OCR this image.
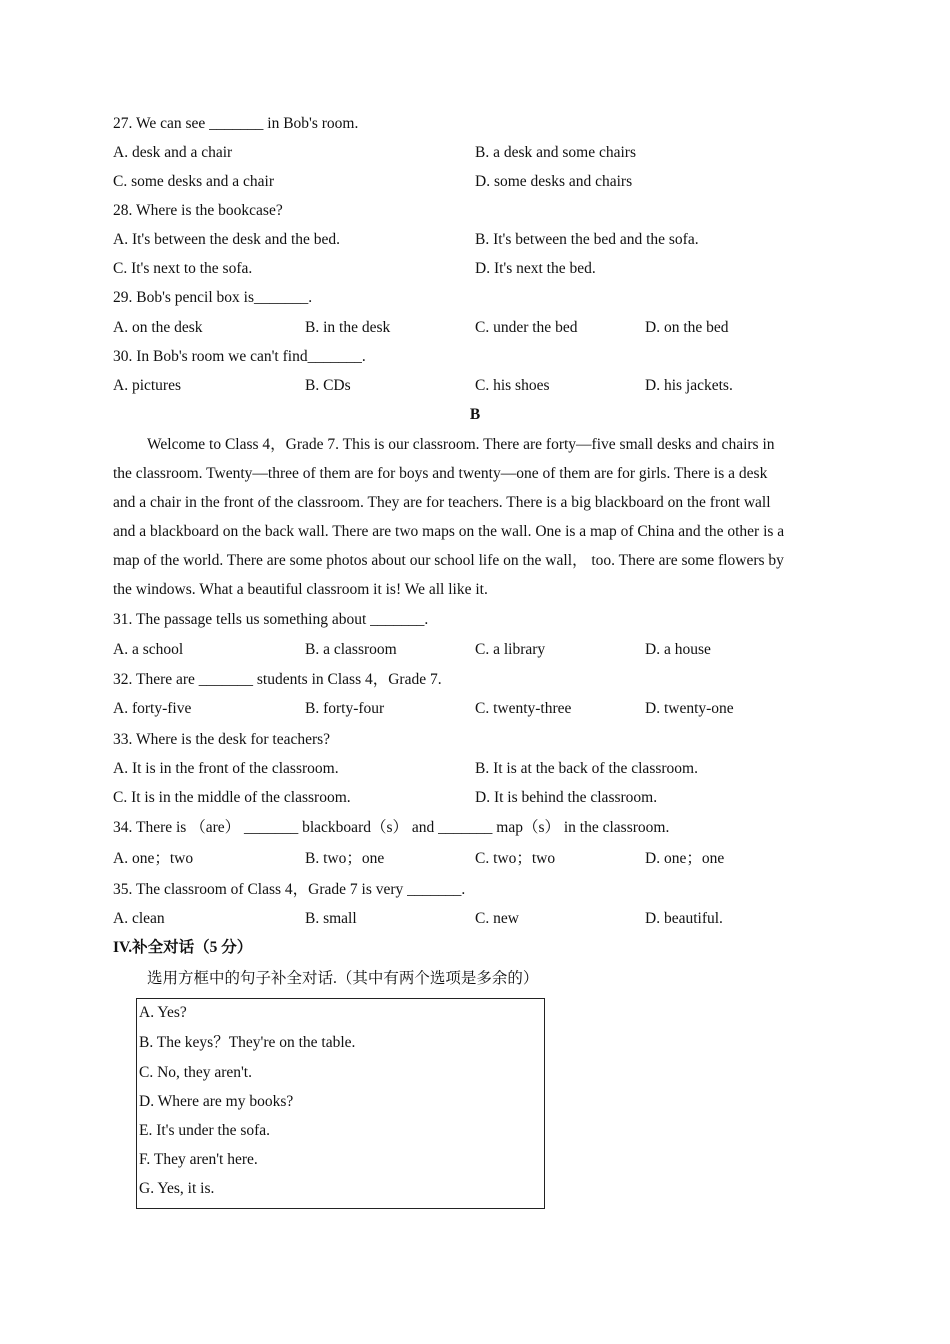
27. We can see _______ in Bob's room.
A. desk and a chair	B. a desk and some chairs
C. some desks and a chair	D. some desks and chairs
28. Where is the bookcase?
A. It's between the desk and the bed.	B. It's between the bed and the sofa.
C. It's next to the sofa.	D. It's next the bed.
29. Bob's pencil box is_______.
A. on the desk	B. in the desk	C. under the bed	D. on the bed
30. In Bob's room we can't find_______.
A. pictures	B. CDs	C. his shoes	D. his jackets.
B
Welcome to Class 4，Grade 7. This is our classroom. There are forty—five small desks and chairs in
the classroom. Twenty—three of them are for boys and twenty—one of them are for girls. There is a desk
and a chair in the front of the classroom. They are for teachers. There is a big blackboard on the front wall
and a blackboard on the back wall. There are two maps on the wall. One is a map of China and the other is a
map of the world. There are some photos about our school life on the wall， too. There are some flowers by
the windows. What a beautiful classroom it is! We all like it.
31. The passage tells us something about _______.
A. a school	B. a classroom	C. a library	D. a house
32. There are _______ students in Class 4，Grade 7.
A. forty-five	B. forty-four	C. twenty-three	D. twenty-one
33. Where is the desk for teachers?
A. It is in the front of the classroom.	B. It is at the back of the classroom.
C. It is in the middle of the classroom.	D. It is behind the classroom.
34. There is （are） _______ blackboard（s） and _______ map（s） in the classroom.
A. one；two	B. two；one	C. two；two	D. one；one
35. The classroom of Class 4，Grade 7 is very _______.
A. clean	B. small	C. new	D. beautiful.
IV.补全对话（5 分）
选用方框中的句子补全对话.（其中有两个选项是多余的）
A. Yes?
B. The keys？They're on the table.
C. No, they aren't.
D. Where are my books?
E. It's under the sofa.
F. They aren't here.
G. Yes, it is.
